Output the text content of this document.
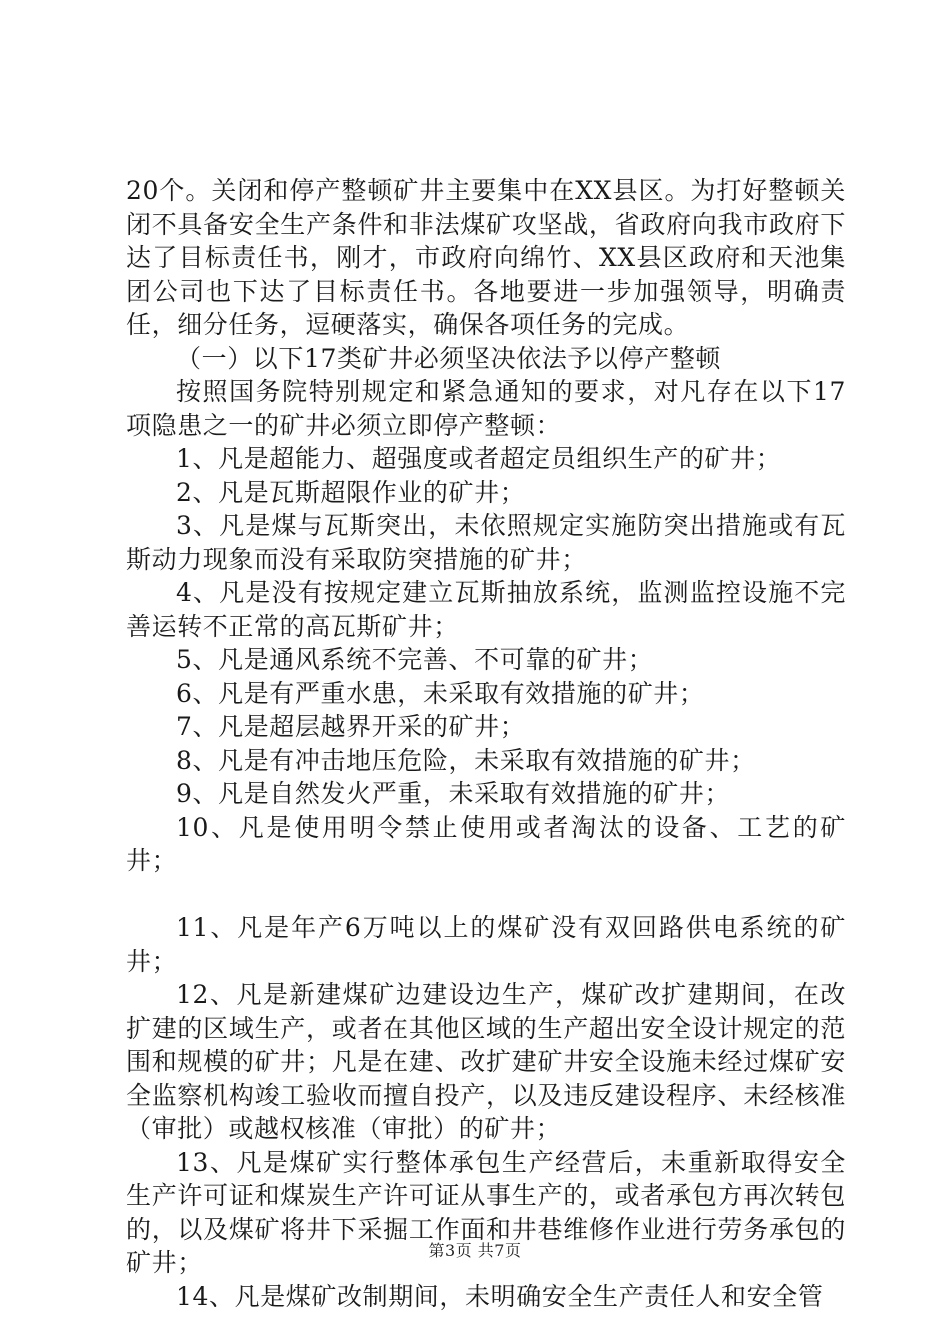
20个。关闭和停产整顿矿井主要集中在XX县区。为打好整顿关闭不具备安全生产条件和非法煤矿攻坚战，省政府向我市政府下达了目标责任书，刚才，市政府向绵竹、XX县区政府和天池集团公司也下达了目标责任书。各地要进一步加强领导，明确责任，细分任务，逗硬落实，确保各项任务的完成。

（一）以下17类矿井必须坚决依法予以停产整顿

按照国务院特别规定和紧急通知的要求，对凡存在以下17项隐患之一的矿井必须立即停产整顿：

1、凡是超能力、超强度或者超定员组织生产的矿井；

2、凡是瓦斯超限作业的矿井；

3、凡是煤与瓦斯突出，未依照规定实施防突出措施或有瓦斯动力现象而没有采取防突措施的矿井；

4、凡是没有按规定建立瓦斯抽放系统，监测监控设施不完善运转不正常的高瓦斯矿井；

5、凡是通风系统不完善、不可靠的矿井；

6、凡是有严重水患，未采取有效措施的矿井；

7、凡是超层越界开采的矿井；

8、凡是有冲击地压危险，未采取有效措施的矿井；

9、凡是自然发火严重，未采取有效措施的矿井；

10、凡是使用明令禁止使用或者淘汰的设备、工艺的矿井；

11、凡是年产6万吨以上的煤矿没有双回路供电系统的矿井；

12、凡是新建煤矿边建设边生产，煤矿改扩建期间，在改扩建的区域生产，或者在其他区域的生产超出安全设计规定的范围和规模的矿井；凡是在建、改扩建矿井安全设施未经过煤矿安全监察机构竣工验收而擅自投产，以及违反建设程序、未经核准（审批）或越权核准（审批）的矿井；

13、凡是煤矿实行整体承包生产经营后，未重新取得安全生产许可证和煤炭生产许可证从事生产的，或者承包方再次转包的，以及煤矿将井下采掘工作面和井巷维修作业进行劳务承包的矿井；

14、凡是煤矿改制期间，未明确安全生产责任人和安全管

第3页 共7页
